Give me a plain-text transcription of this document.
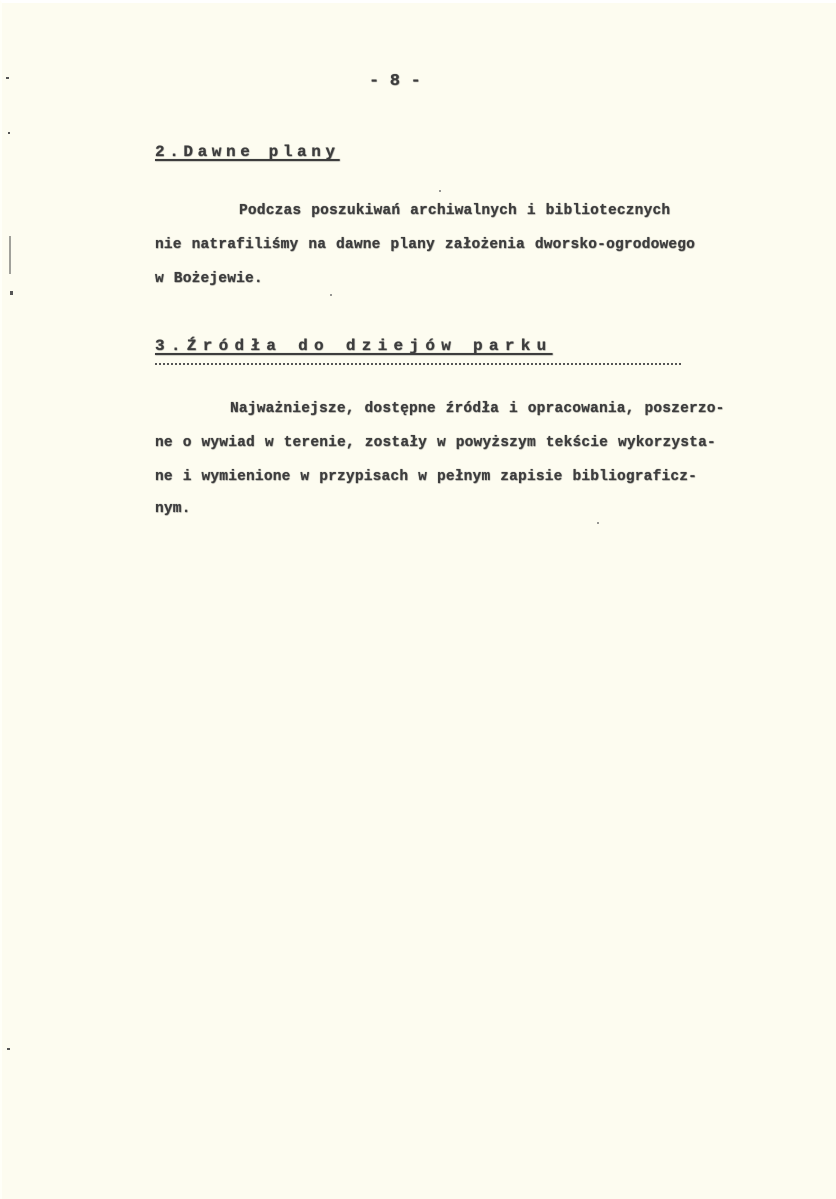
- 8 -
2.Dawne plany
Podczas poszukiwań archiwalnych i bibliotecznych
nie natrafiliśmy na dawne plany założenia dworsko-ogrodowego
w Bożejewie.
3.Źródła do dziejów parku
Najważniejsze, dostępne źródła i opracowania, poszerzo-
ne o wywiad w terenie, zostały w powyższym tekście wykorzysta-
ne i wymienione w przypisach w pełnym zapisie bibliograficz-
nym.
